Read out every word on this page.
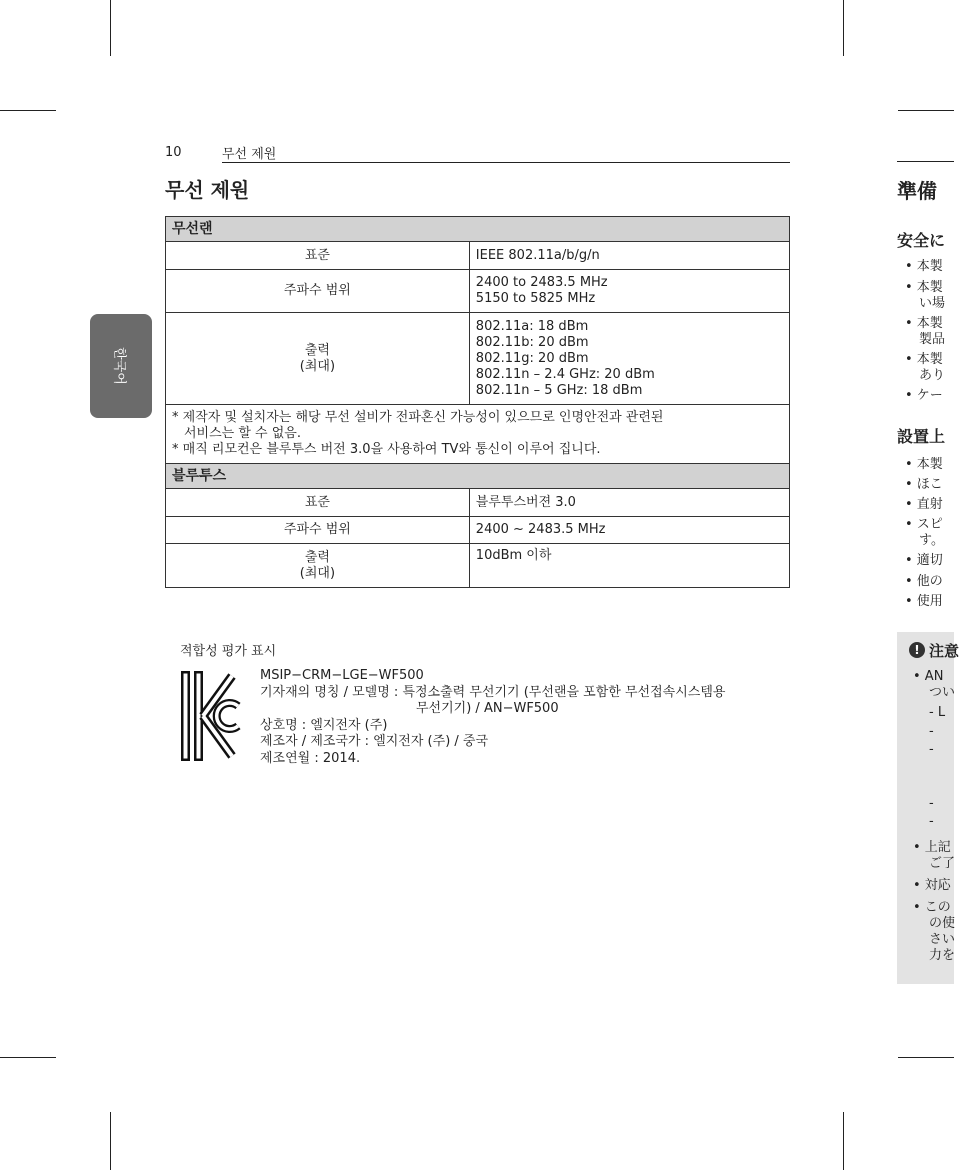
10	무선 제원
무선 제원
한국어
무선랜	
표준	IEEE 802.11a/b/g/n

주파수 범위	2400 to 2483.5 MHz
5150 to 5825 MHz

출력
(최대)	802.11a: 18 dBm
802.11b: 20 dBm
802.11g: 20 dBm
802.11n – 2.4 GHz: 20 dBm
802.11n – 5 GHz: 18 dBm

* 제작자 및 설치자는 해당 무선 설비가 전파혼신 가능성이 있으므로 인명안전과 관련된
서비스는 할 수 없음.
* 매직 리모컨은 블루투스 버전 3.0을 사용하여 TV와 통신이 이루어 집니다.	

블루투스	
표준	블루투스버젼 3.0

주파수 범위	2400 ~ 2483.5 MHz

출력
(최대)	10dBm 이하
적합성 평가 표시
MSIP−CRM−LGE−WF500
기자재의 명칭 / 모델명 : 특정소출력 무선기기 (무선랜을 포함한 무선접속시스템용
무선기기) / AN−WF500
상호명 : 엘지전자 (주)
제조자 / 제조국가 : 엘지전자 (주) / 중국
제조연월 : 2014.
準備
安全に
• 本製
• 本製
い場
• 本製
製品
• 本製
あり
• ケー
設置上
• 本製
• ほこ
• 直射
• スピ
す。
• 適切
• 他の
• 使用
! 注意
• AN
つい
- L
-
-
-
-
• 上記
ご了
• 対応
• この
の使
さい
力を
